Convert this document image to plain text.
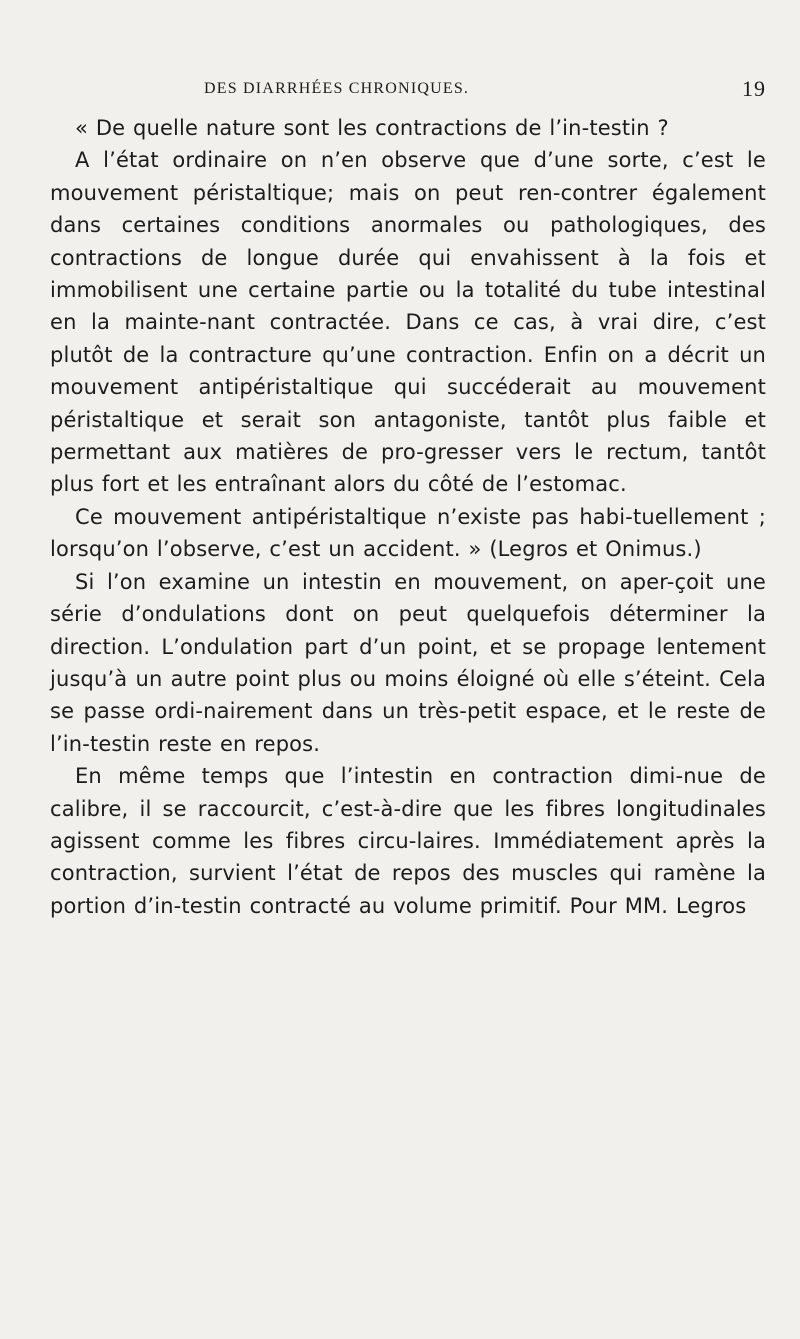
DES DIARRHÉES CHRONIQUES.	19

« De quelle nature sont les contractions de l’in-testin ?

A l’état ordinaire on n’en observe que d’une sorte, c’est le mouvement péristaltique; mais on peut ren-contrer également dans certaines conditions anormales ou pathologiques, des contractions de longue durée qui envahissent à la fois et immobilisent une certaine partie ou la totalité du tube intestinal en la mainte-nant contractée. Dans ce cas, à vrai dire, c’est plutôt de la contracture qu’une contraction. Enfin on a décrit un mouvement antipéristaltique qui succéderait au mouvement péristaltique et serait son antagoniste, tantôt plus faible et permettant aux matières de pro-gresser vers le rectum, tantôt plus fort et les entraînant alors du côté de l’estomac.

Ce mouvement antipéristaltique n’existe pas habi-tuellement ; lorsqu’on l’observe, c’est un accident. » (Legros et Onimus.)

Si l’on examine un intestin en mouvement, on aper-çoit une série d’ondulations dont on peut quelquefois déterminer la direction. L’ondulation part d’un point, et se propage lentement jusqu’à un autre point plus ou moins éloigné où elle s’éteint. Cela se passe ordi-nairement dans un très-petit espace, et le reste de l’in-testin reste en repos.

En même temps que l’intestin en contraction dimi-nue de calibre, il se raccourcit, c’est-à-dire que les fibres longitudinales agissent comme les fibres circu-laires. Immédiatement après la contraction, survient l’état de repos des muscles qui ramène la portion d’in-testin contracté au volume primitif. Pour MM. Legros
